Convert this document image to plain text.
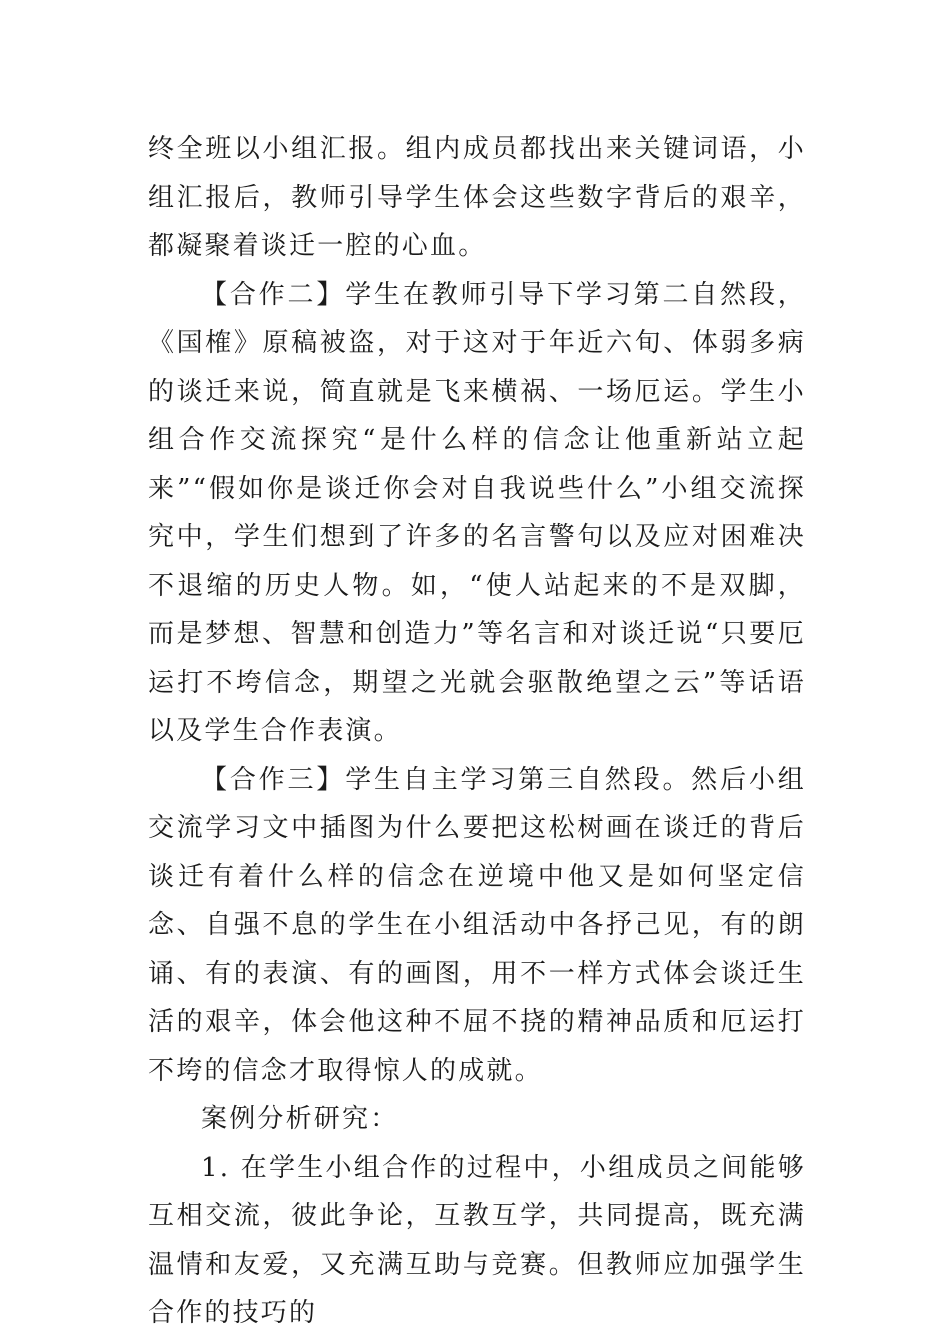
终全班以小组汇报。组内成员都找出来关键词语，小组汇报后，教师引导学生体会这些数字背后的艰辛，都凝聚着谈迁一腔的心血。

【合作二】学生在教师引导下学习第二自然段，《国榷》原稿被盗，对于这对于年近六旬、体弱多病的谈迁来说，简直就是飞来横祸、一场厄运。学生小组合作交流探究“是什么样的信念让他重新站立起来”“假如你是谈迁你会对自我说些什么”小组交流探究中，学生们想到了许多的名言警句以及应对困难决不退缩的历史人物。如，“使人站起来的不是双脚，而是梦想、智慧和创造力”等名言和对谈迁说“只要厄运打不垮信念，期望之光就会驱散绝望之云”等话语以及学生合作表演。

【合作三】学生自主学习第三自然段。然后小组交流学习文中插图为什么要把这松树画在谈迁的背后谈迁有着什么样的信念在逆境中他又是如何坚定信念、自强不息的学生在小组活动中各抒己见，有的朗诵、有的表演、有的画图，用不一样方式体会谈迁生活的艰辛，体会他这种不屈不挠的精神品质和厄运打不垮的信念才取得惊人的成就。

案例分析研究：

1. 在学生小组合作的过程中，小组成员之间能够互相交流，彼此争论，互教互学，共同提高，既充满温情和友爱，又充满互助与竞赛。但教师应加强学生合作的技巧的
